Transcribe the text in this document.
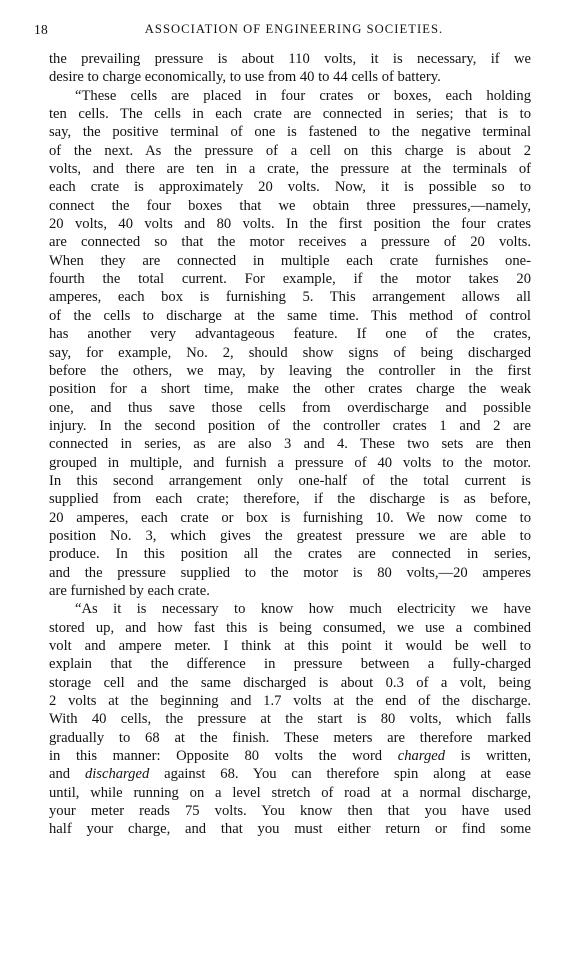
18	ASSOCIATION OF ENGINEERING SOCIETIES.

the prevailing pressure is about 110 volts, it is necessary, if we

desire to charge economically, to use from 40 to 44 cells of battery.

“These cells are placed in four crates or boxes, each holding

ten cells. The cells in each crate are connected in series; that is to

say, the positive terminal of one is fastened to the negative terminal

of the next. As the pressure of a cell on this charge is about 2

volts, and there are ten in a crate, the pressure at the terminals of

each crate is approximately 20 volts. Now, it is possible so to

connect the four boxes that we obtain three pressures,—namely,

20 volts, 40 volts and 80 volts. In the first position the four crates

are connected so that the motor receives a pressure of 20 volts.

When they are connected in multiple each crate furnishes one-

fourth the total current. For example, if the motor takes 20

amperes, each box is furnishing 5. This arrangement allows all

of the cells to discharge at the same time. This method of control

has another very advantageous feature. If one of the crates,

say, for example, No. 2, should show signs of being discharged

before the others, we may, by leaving the controller in the first

position for a short time, make the other crates charge the weak

one, and thus save those cells from overdischarge and possible

injury. In the second position of the controller crates 1 and 2 are

connected in series, as are also 3 and 4. These two sets are then

grouped in multiple, and furnish a pressure of 40 volts to the motor.

In this second arrangement only one-half of the total current is

supplied from each crate; therefore, if the discharge is as before,

20 amperes, each crate or box is furnishing 10. We now come to

position No. 3, which gives the greatest pressure we are able to

produce. In this position all the crates are connected in series,

and the pressure supplied to the motor is 80 volts,—20 amperes

are furnished by each crate.

“As it is necessary to know how much electricity we have

stored up, and how fast this is being consumed, we use a combined

volt and ampere meter. I think at this point it would be well to

explain that the difference in pressure between a fully-charged

storage cell and the same discharged is about 0.3 of a volt, being

2 volts at the beginning and 1.7 volts at the end of the discharge.

With 40 cells, the pressure at the start is 80 volts, which falls

gradually to 68 at the finish. These meters are therefore marked

in this manner: Opposite 80 volts the word charged is written,

and discharged against 68. You can therefore spin along at ease

until, while running on a level stretch of road at a normal discharge,

your meter reads 75 volts. You know then that you have used

half your charge, and that you must either return or find some
